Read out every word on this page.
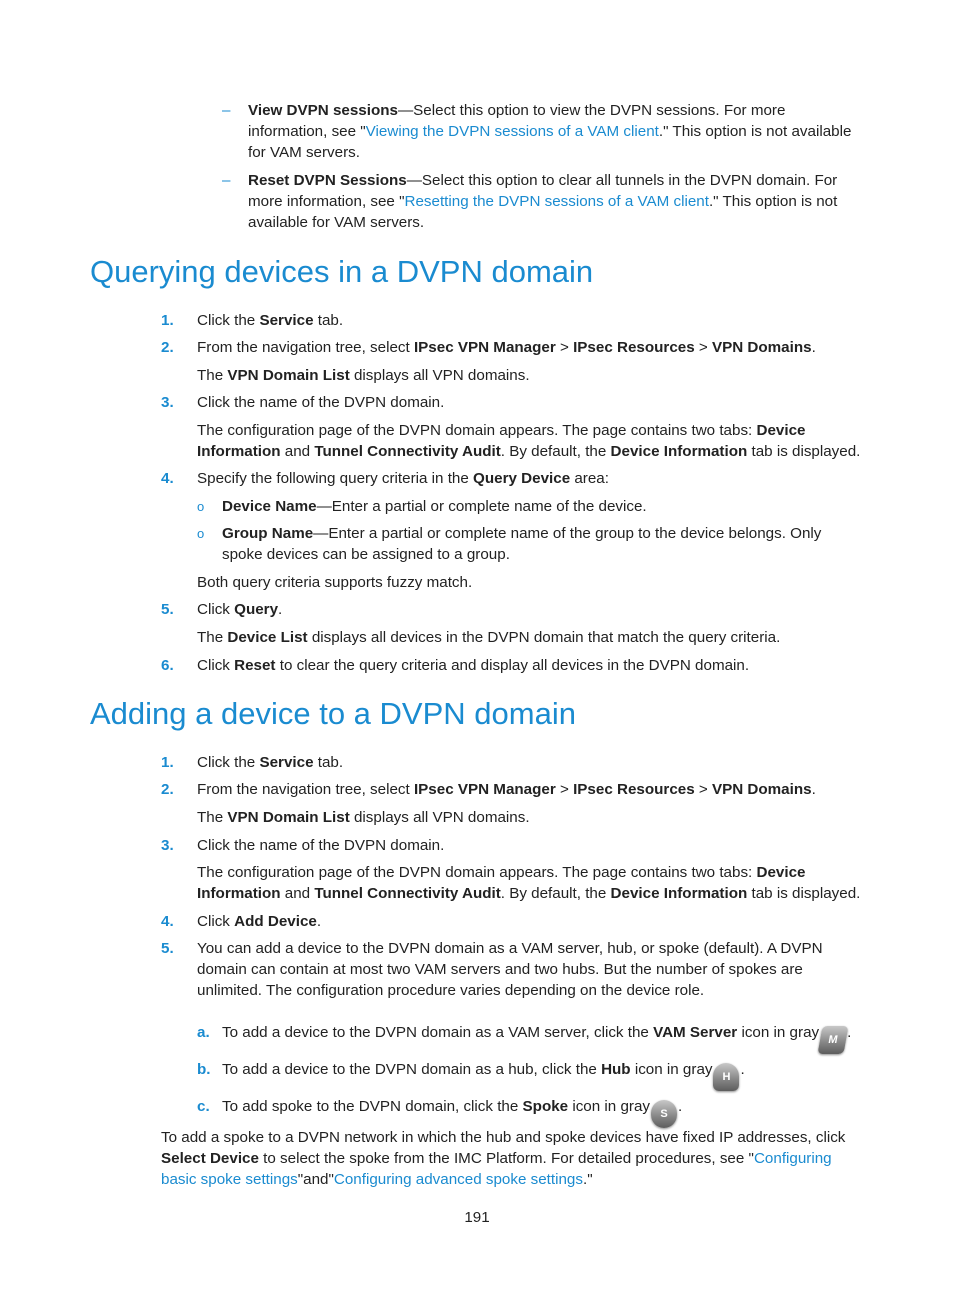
– View DVPN sessions—Select this option to view the DVPN sessions. For more information, see "Viewing the DVPN sessions of a VAM client." This option is not available for VAM servers.
– Reset DVPN Sessions—Select this option to clear all tunnels in the DVPN domain. For more information, see "Resetting the DVPN sessions of a VAM client." This option is not available for VAM servers.
Querying devices in a DVPN domain
1. Click the Service tab.
2. From the navigation tree, select IPsec VPN Manager > IPsec Resources > VPN Domains.
The VPN Domain List displays all VPN domains.
3. Click the name of the DVPN domain.
The configuration page of the DVPN domain appears. The page contains two tabs: Device Information and Tunnel Connectivity Audit. By default, the Device Information tab is displayed.
4. Specify the following query criteria in the Query Device area:
o Device Name—Enter a partial or complete name of the device.
o Group Name—Enter a partial or complete name of the group to the device belongs. Only spoke devices can be assigned to a group.
Both query criteria supports fuzzy match.
5. Click Query.
The Device List displays all devices in the DVPN domain that match the query criteria.
6. Click Reset to clear the query criteria and display all devices in the DVPN domain.
Adding a device to a DVPN domain
1. Click the Service tab.
2. From the navigation tree, select IPsec VPN Manager > IPsec Resources > VPN Domains.
The VPN Domain List displays all VPN domains.
3. Click the name of the DVPN domain.
The configuration page of the DVPN domain appears. The page contains two tabs: Device Information and Tunnel Connectivity Audit. By default, the Device Information tab is displayed.
4. Click Add Device.
5. You can add a device to the DVPN domain as a VAM server, hub, or spoke (default). A DVPN domain can contain at most two VAM servers and two hubs. But the number of spokes are unlimited. The configuration procedure varies depending on the device role.
a. To add a device to the DVPN domain as a VAM server, click the VAM Server icon in gray M .
b. To add a device to the DVPN domain as a hub, click the Hub icon in gray H .
c. To add spoke to the DVPN domain, click the Spoke icon in gray S .
To add a spoke to a DVPN network in which the hub and spoke devices have fixed IP addresses, click Select Device to select the spoke from the IMC Platform. For detailed procedures, see "Configuring basic spoke settings"and"Configuring advanced spoke settings."
191
